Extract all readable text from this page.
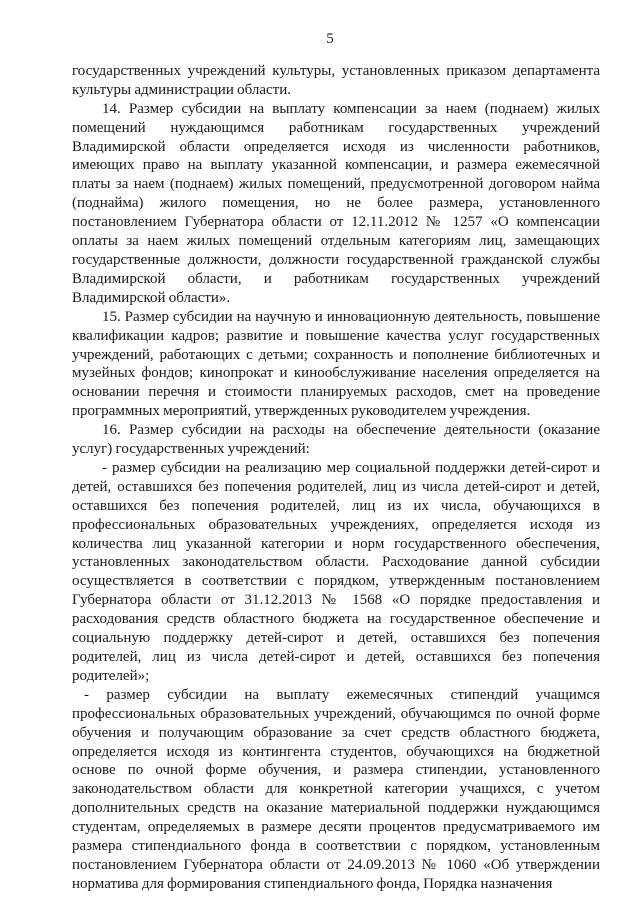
5

государственных учреждений культуры, установленных приказом департамента культуры администрации области.

14. Размер субсидии на выплату компенсации за наем (поднаем) жилых помещений нуждающимся работникам государственных учреждений Владимирской области определяется исходя из численности работников, имеющих право на выплату указанной компенсации, и размера ежемесячной платы за наем (поднаем) жилых помещений, предусмотренной договором найма (поднайма) жилого помещения, но не более размера, установленного постановлением Губернатора области от 12.11.2012 № 1257 «О компенсации оплаты за наем жилых помещений отдельным категориям лиц, замещающих государственные должности, должности государственной гражданской службы Владимирской области, и работникам государственных учреждений Владимирской области».

15. Размер субсидии на научную и инновационную деятельность, повышение квалификации кадров; развитие и повышение качества услуг государственных учреждений, работающих с детьми; сохранность и пополнение библиотечных и музейных фондов; кинопрокат и кинообслуживание населения определяется на основании перечня и стоимости планируемых расходов, смет на проведение программных мероприятий, утвержденных руководителем учреждения.

16. Размер субсидии на расходы на обеспечение деятельности (оказание услуг) государственных учреждений:

- размер субсидии на реализацию мер социальной поддержки детей-сирот и детей, оставшихся без попечения родителей, лиц из числа детей-сирот и детей, оставшихся без попечения родителей, лиц из их числа, обучающихся в профессиональных образовательных учреждениях, определяется исходя из количества лиц указанной категории и норм государственного обеспечения, установленных законодательством области. Расходование данной субсидии осуществляется в соответствии с порядком, утвержденным постановлением Губернатора области от 31.12.2013 № 1568 «О порядке предоставления и расходования средств областного бюджета на государственное обеспечение и социальную поддержку детей-сирот и детей, оставшихся без попечения родителей, лиц из числа детей-сирот и детей, оставшихся без попечения родителей»;

- размер субсидии на выплату ежемесячных стипендий учащимся профессиональных образовательных учреждений, обучающимся по очной форме обучения и получающим образование за счет средств областного бюджета, определяется исходя из контингента студентов, обучающихся на бюджетной основе по очной форме обучения, и размера стипендии, установленного законодательством области для конкретной категории учащихся, с учетом дополнительных средств на оказание материальной поддержки нуждающимся студентам, определяемых в размере десяти процентов предусматриваемого им размера стипендиального фонда в соответствии с порядком, установленным постановлением Губернатора области от 24.09.2013 № 1060 «Об утверждении норматива для формирования стипендиального фонда, Порядка назначения
